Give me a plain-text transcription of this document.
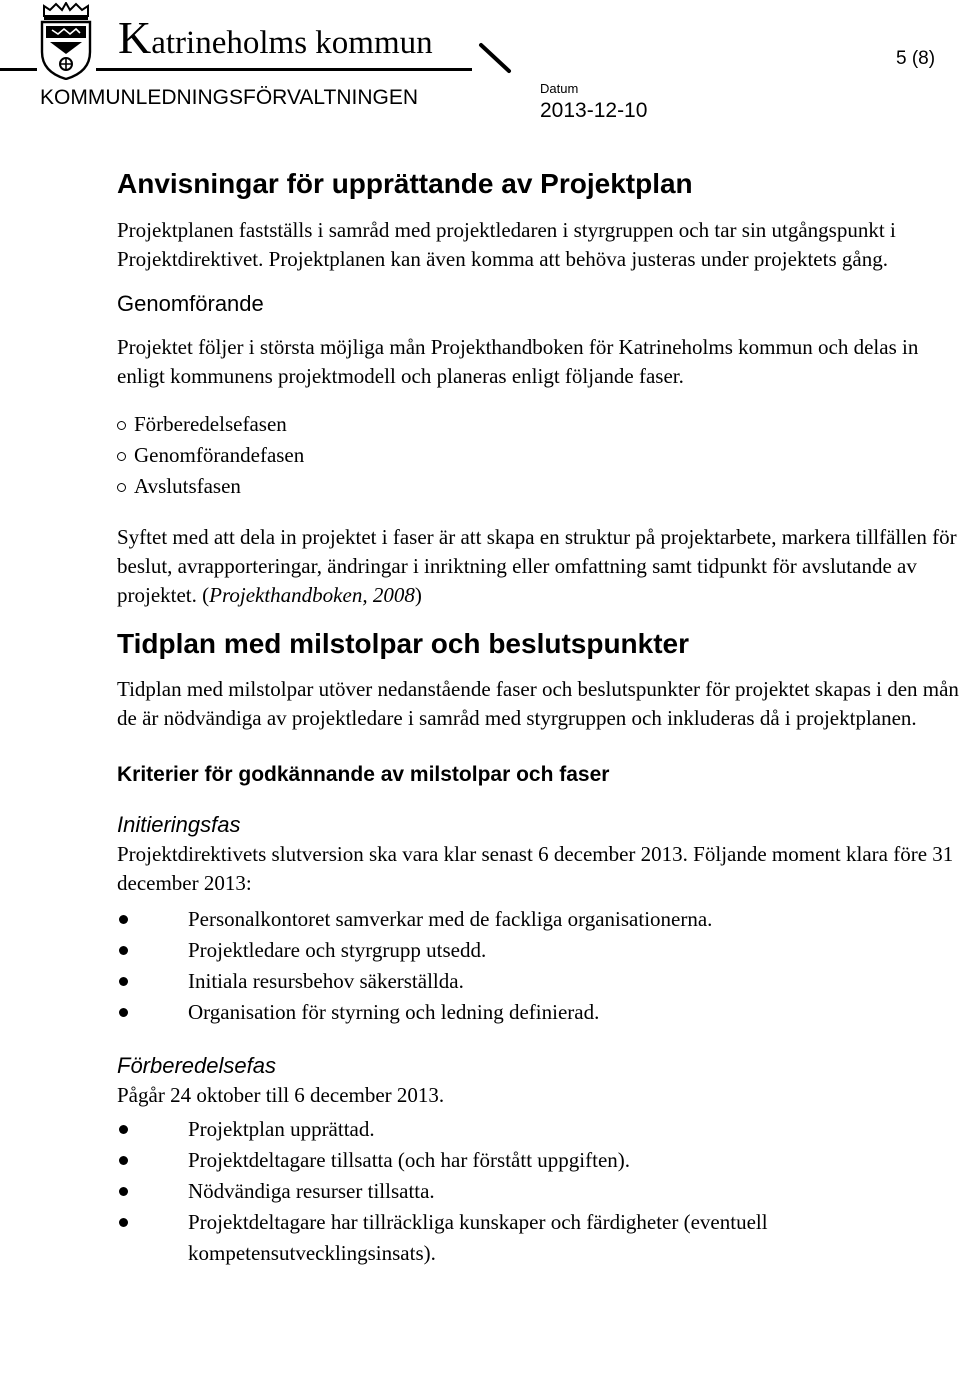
Katrineholms kommun
KOMMUNLEDNINGSFÖRVALTNINGEN	Datum
2013-12-10
5 (8)
Anvisningar för upprättande av Projektplan

Projektplanen fastställs i samråd med projektledaren i styrgruppen och tar sin utgångspunkt i Projektdirektivet. Projektplanen kan även komma att behöva justeras under projektets gång.

Genomförande

Projektet följer i största möjliga mån Projekthandboken för Katrineholms kommun och delas in enligt kommunens projektmodell och planeras enligt följande faser.

Förberedelsefasen
Genomförandefasen
Avslutsfasen

Syftet med att dela in projektet i faser är att skapa en struktur på projektarbete, markera tillfällen för beslut, avrapporteringar, ändringar i inriktning eller omfattning samt tidpunkt för avslutande av projektet. (Projekthandboken, 2008)

Tidplan med milstolpar och beslutspunkter

Tidplan med milstolpar utöver nedanstående faser och beslutspunkter för projektet skapas i den mån de är nödvändiga av projektledare i samråd med styrgruppen och inkluderas då i projektplanen.

Kriterier för godkännande av milstolpar och faser
Initieringsfas

Projektdirektivets slutversion ska vara klar senast 6 december 2013. Följande moment klara före 31 december 2013:

Personalkontoret samverkar med de fackliga organisationerna.
Projektledare och styrgrupp utsedd.
Initiala resursbehov säkerställda.
Organisation för styrning och ledning definierad.
Förberedelsefas

Pågår 24 oktober till 6 december 2013.

Projektplan upprättad.
Projektdeltagare tillsatta (och har förstått uppgiften).
Nödvändiga resurser tillsatta.
Projektdeltagare har tillräckliga kunskaper och färdigheter (eventuell kompetensutvecklingsinsats).
